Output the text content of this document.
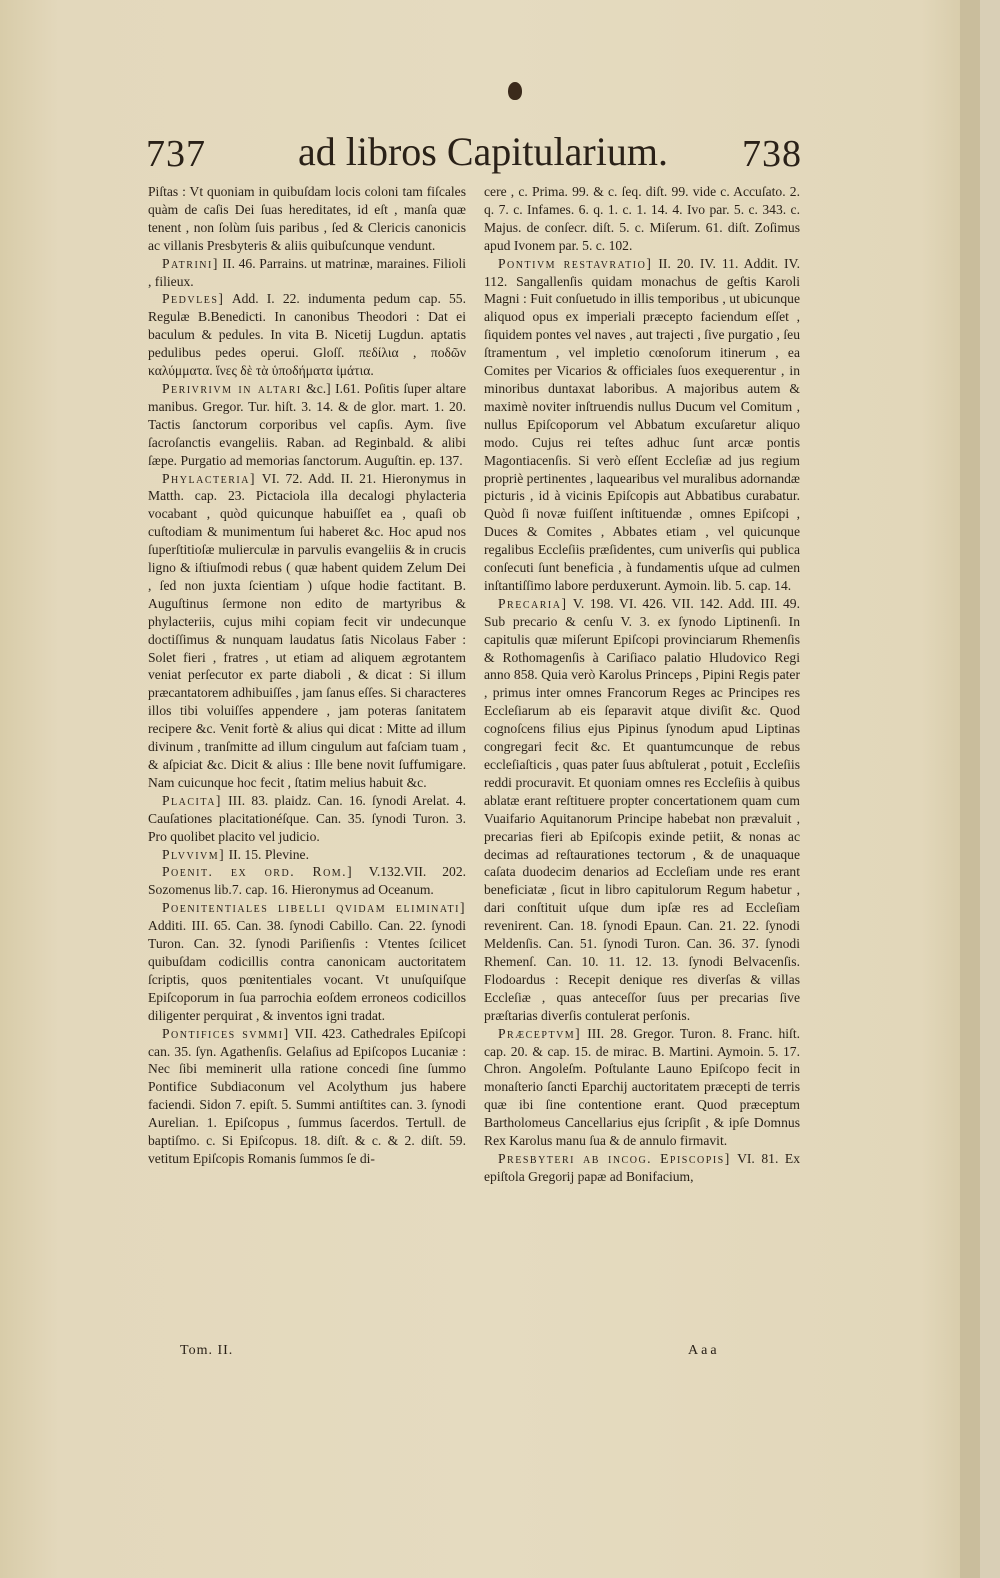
737 ad libros Capitularium. 738

Piſtas : Vt quoniam in quibuſdam locis coloni tam fiſcales quàm de caſis Dei ſuas hereditates, id eſt , manſa quæ tenent , non ſolùm ſuis paribus , ſed & Clericis canonicis ac villanis Presbyteris & aliis quibuſcunque vendunt.

Patrini] II. 46. Parrains. ut matrinæ, maraines. Filioli , filieux.

Pedvles] Add. I. 22. indumenta pedum cap. 55. Regulæ B.Benedicti. In canonibus Theodori : Dat ei baculum & pedules. In vita B. Nicetij Lugdun. aptatis pedulibus pedes operui. Gloſſ. πεδίλια , ποδῶν καλύμματα. ἵνες δὲ τὰ ὑποδήματα ἰμάτια.

Perivrivm in altari &c.] I.61. Poſitis ſuper altare manibus. Gregor. Tur. hiſt. 3. 14. & de glor. mart. 1. 20. Tactis ſanctorum corporibus vel capſis. Aym. ſive ſacroſanctis evangeliis. Raban. ad Reginbald. & alibi ſæpe. Purgatio ad memorias ſanctorum. Auguſtin. ep. 137.

Phylacteria] VI. 72. Add. II. 21. Hieronymus in Matth. cap. 23. Pictaciola illa decalogi phylacteria vocabant , quòd quicunque habuiſſet ea , quaſi ob cuſtodiam & munimentum ſui haberet &c. Hoc apud nos ſuperſtitioſæ mulierculæ in parvulis evangeliis & in crucis ligno & iſtiuſmodi rebus ( quæ habent quidem Zelum Dei , ſed non juxta ſcientiam ) uſque hodie factitant. B. Auguſtinus ſermone non edito de martyribus & phylacteriis, cujus mihi copiam fecit vir undecunque doctiſſimus & nunquam laudatus ſatis Nicolaus Faber : Solet fieri , fratres , ut etiam ad aliquem ægrotantem veniat perſecutor ex parte diaboli , & dicat : Si illum præcantatorem adhibuiſſes , jam ſanus eſſes. Si characteres illos tibi voluiſſes appendere , jam poteras ſanitatem recipere &c. Venit fortè & alius qui dicat : Mitte ad illum divinum , tranſmitte ad illum cingulum aut faſciam tuam , & aſpiciat &c. Dicit & alius : Ille bene novit ſuffumigare. Nam cuicunque hoc fecit , ſtatim melius habuit &c.

Placita] III. 83. plaidz. Can. 16. ſynodi Arelat. 4. Cauſationes placitationéſque. Can. 35. ſynodi Turon. 3. Pro quolibet placito vel judicio.

Plvvivm] II. 15. Plevine.

Poenit. ex ord. Rom.] V.132.VII. 202. Sozomenus lib.7. cap. 16. Hieronymus ad Oceanum.

Poenitentiales libelli qvidam eliminati] Additi. III. 65. Can. 38. ſynodi Cabillo. Can. 22. ſynodi Turon. Can. 32. ſynodi Pariſienſis : Vtentes ſcilicet quibuſdam codicillis contra canonicam auctoritatem ſcriptis, quos pœnitentiales vocant. Vt unuſquiſque Epiſcoporum in ſua parrochia eoſdem erroneos codicillos diligenter perquirat , & inventos igni tradat.

Pontifices svmmi] VII. 423. Cathedrales Epiſcopi can. 35. ſyn. Agathenſis. Gelaſius ad Epiſcopos Lucaniæ : Nec ſibi meminerit ulla ratione concedi ſine ſummo Pontifice Subdiaconum vel Acolythum jus habere faciendi. Sidon 7. epiſt. 5. Summi antiſtites can. 3. ſynodi Aurelian. 1. Epiſcopus , ſummus ſacerdos. Tertull. de baptiſmo. c. Si Epiſcopus. 18. diſt. & c. & 2. diſt. 59. vetitum Epiſcopis Romanis ſummos ſe di-

cere , c. Prima. 99. & c. ſeq. diſt. 99. vide c. Accuſato. 2. q. 7. c. Infames. 6. q. 1. c. 1. 14. 4. Ivo par. 5. c. 343. c. Majus. de conſecr. diſt. 5. c. Miſerum. 61. diſt. Zoſimus apud Ivonem par. 5. c. 102.

Pontivm restavratio] II. 20. IV. 11. Addit. IV. 112. Sangallenſis quidam monachus de geſtis Karoli Magni : Fuit conſuetudo in illis temporibus , ut ubicunque aliquod opus ex imperiali præcepto faciendum eſſet , ſiquidem pontes vel naves , aut trajecti , ſive purgatio , ſeu ſtramentum , vel impletio cœnoſorum itinerum , ea Comites per Vicarios & officiales ſuos exequerentur , in minoribus duntaxat laboribus. A majoribus autem & maximè noviter inſtruendis nullus Ducum vel Comitum , nullus Epiſcoporum vel Abbatum excuſaretur aliquo modo. Cujus rei teſtes adhuc ſunt arcæ pontis Magontiacenſis. Si verò eſſent Eccleſiæ ad jus regium propriè pertinentes , laquearibus vel muralibus adornandæ picturis , id à vicinis Epiſcopis aut Abbatibus curabatur. Quòd ſi novæ fuiſſent inſtituendæ , omnes Epiſcopi , Duces & Comites , Abbates etiam , vel quicunque regalibus Eccleſiis præſidentes, cum univerſis qui publica conſecuti ſunt beneficia , à fundamentis uſque ad culmen inſtantiſſimo labore perduxerunt. Aymoin. lib. 5. cap. 14.

Precaria] V. 198. VI. 426. VII. 142. Add. III. 49. Sub precario & cenſu V. 3. ex ſynodo Liptinenſi. In capitulis quæ miſerunt Epiſcopi provinciarum Rhemenſis & Rothomagenſis à Cariſiaco palatio Hludovico Regi anno 858. Quia verò Karolus Princeps , Pipini Regis pater , primus inter omnes Francorum Reges ac Principes res Eccleſiarum ab eis ſeparavit atque diviſit &c. Quod cognoſcens filius ejus Pipinus ſynodum apud Liptinas congregari fecit &c. Et quantumcunque de rebus eccleſiaſticis , quas pater ſuus abſtulerat , potuit , Eccleſiis reddi procuravit. Et quoniam omnes res Eccleſiis à quibus ablatæ erant reſtituere propter concertationem quam cum Vuaifario Aquitanorum Principe habebat non prævaluit , precarias fieri ab Epiſcopis exinde petiit, & nonas ac decimas ad reſtaurationes tectorum , & de unaquaque caſata duodecim denarios ad Eccleſiam unde res erant beneficiatæ , ſicut in libro capitulorum Regum habetur , dari conſtituit uſque dum ipſæ res ad Eccleſiam revenirent. Can. 18. ſynodi Epaun. Can. 21. 22. ſynodi Meldenſis. Can. 51. ſynodi Turon. Can. 36. 37. ſynodi Rhemenſ. Can. 10. 11. 12. 13. ſynodi Belvacenſis. Flodoardus : Recepit denique res diverſas & villas Eccleſiæ , quas anteceſſor ſuus per precarias ſive præſtarias diverſis contulerat perſonis.

Præceptvm] III. 28. Gregor. Turon. 8. Franc. hiſt. cap. 20. & cap. 15. de mirac. B. Martini. Aymoin. 5. 17. Chron. Angoleſm. Poſtulante Launo Epiſcopo fecit in monaſterio ſancti Eparchij auctoritatem præcepti de terris quæ ibi ſine contentione erant. Quod præceptum Bartholomeus Cancellarius ejus ſcripſit , & ipſe Domnus Rex Karolus manu ſua & de annulo firmavit.

Presbyteri ab incog. Episcopis] VI. 81. Ex epiſtola Gregorij papæ ad Bonifacium,

Tom. II.	Aaa
